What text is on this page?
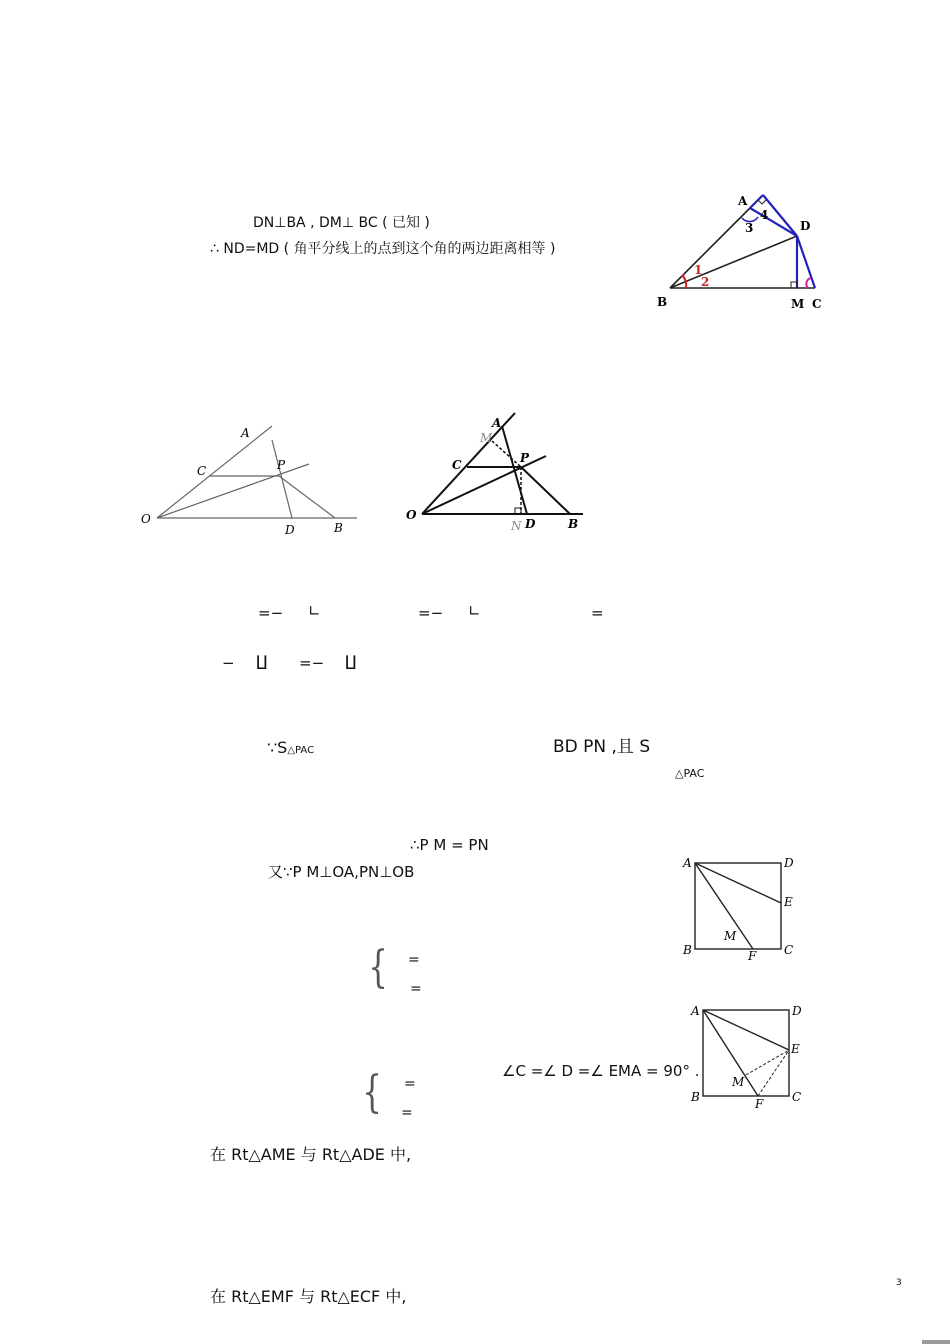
DN⊥BA , DM⊥ BC ( 已知 )
∴ ND=MD ( 角平分线上的点到这个角的两边距离相等 )
A
B	C
D
M
1
2
3
4
A
C	P
O
D	B
A
M
C	P
O
N D	B
=− ∟	=− ∟	=
− ∐ =− ∐
∵S△PAC	BD PN ,且 S
△PAC
∴P M = PN
又∵P M⊥OA,PN⊥OB
{ =
=
{ =
=
A	D
E
M
B	F C
A	D
E
M
B	F C
∠C =∠ D =∠ EMA = 90° .
在 Rt△AME 与 Rt△ADE 中,
在 Rt△EMF 与 Rt△ECF 中,
3
